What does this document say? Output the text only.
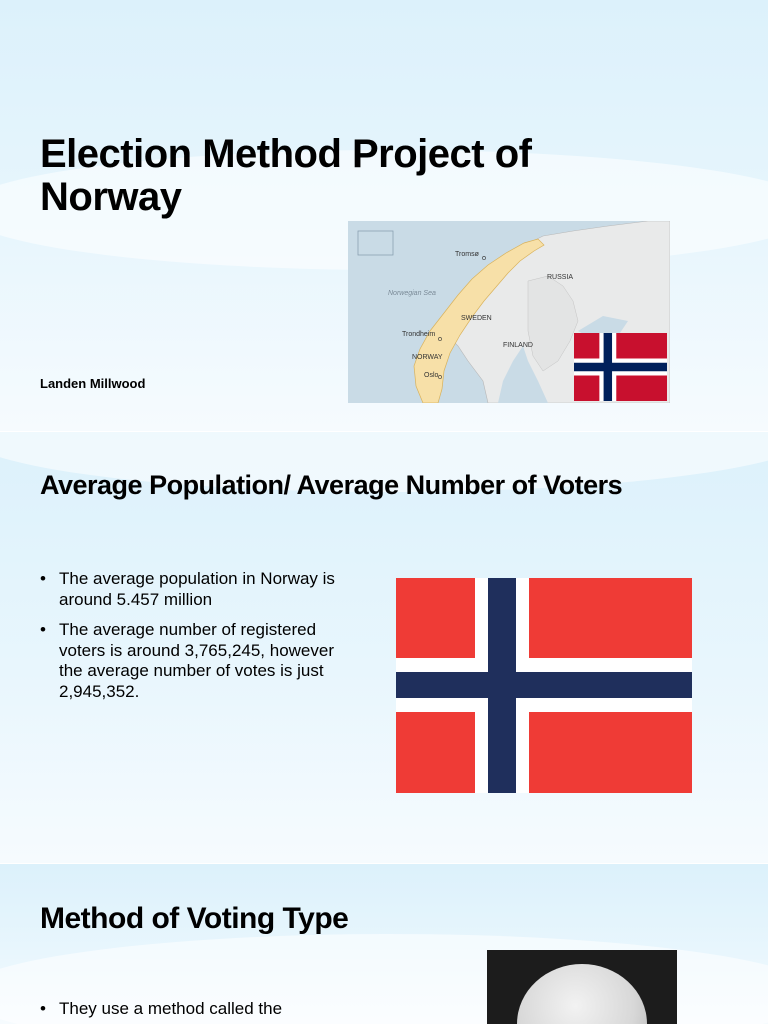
Election Method Project of Norway
Tromsø
RUSSIA
Norwegian Sea
SWEDEN
Trondheim
FINLAND
NORWAY
Oslo
Landen Millwood
Average Population/ Average Number of Voters
• The average population in Norway is around 5.457 million
• The average number of registered voters is around 3,765,245, however the average number of votes is just 2,945,352.
Method of Voting Type
• They use a method called the
